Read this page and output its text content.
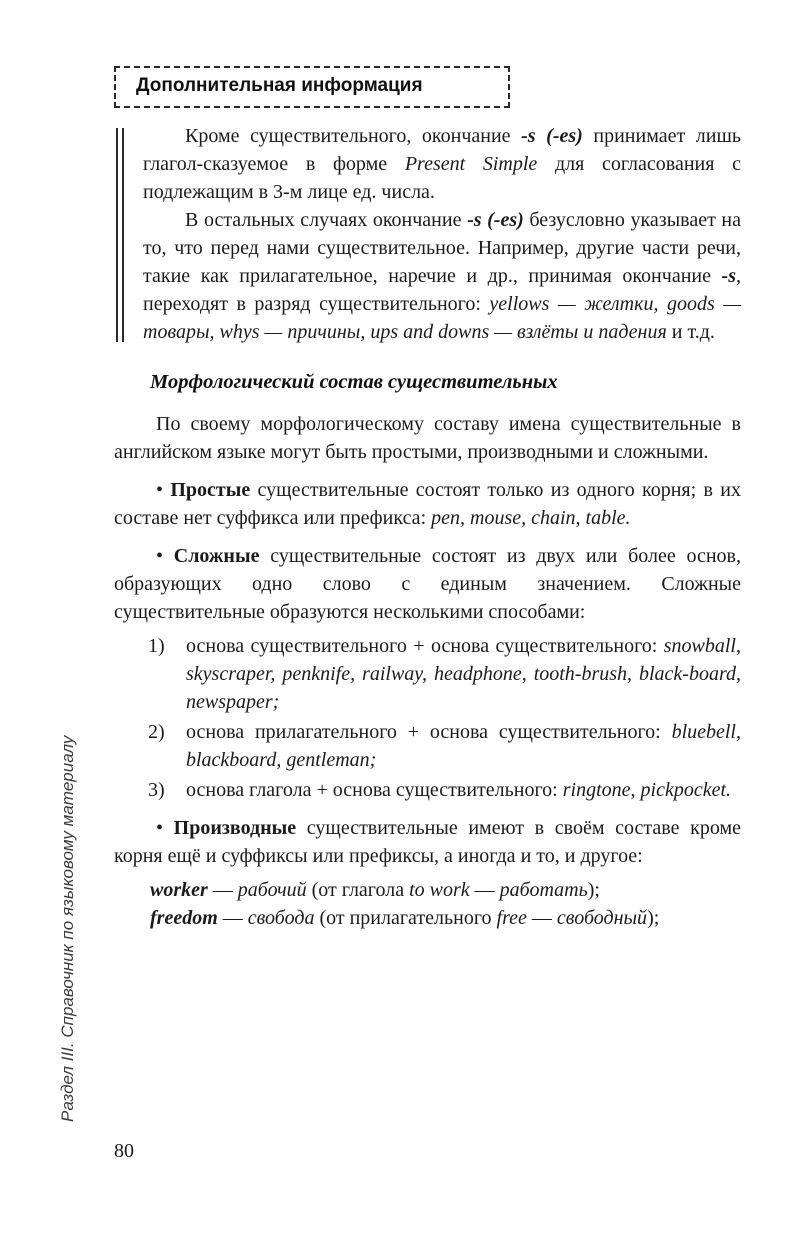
Раздел III. Справочник по языковому материалу
Дополнительная информация

Кроме существительного, окончание -s (-es) принимает лишь глагол-сказуемое в форме Present Simple для согласования с подлежащим в 3-м лице ед. числа.

В остальных случаях окончание -s (-es) безусловно указывает на то, что перед нами существительное. Например, другие части речи, такие как прилагательное, наречие и др., принимая окончание -s, переходят в разряд существительного: yellows — желтки, goods — товары, whys — причины, ups and downs — взлёты и падения и т.д.

Морфологический состав существительных

По своему морфологическому составу имена существительные в английском языке могут быть простыми, производными и сложными.

• Простые существительные состоят только из одного корня; в их составе нет суффикса или префикса: pen, mouse, chain, table.

• Сложные существительные состоят из двух или более основ, образующих одно слово с единым значением. Сложные существительные образуются несколькими способами:

1)	основа существительного + основа существительного: snowball, skyscraper, penknife, railway, headphone, tooth-brush, black-board, newspaper;
2)	основа прилагательного + основа существительного: bluebell, blackboard, gentleman;
3)	основа глагола + основа существительного: ringtone, pickpocket.

• Производные существительные имеют в своём составе кроме корня ещё и суффиксы или префиксы, а иногда и то, и другое:

worker — рабочий (от глагола to work — работать);

freedom — свобода (от прилагательного free — свободный);

80
